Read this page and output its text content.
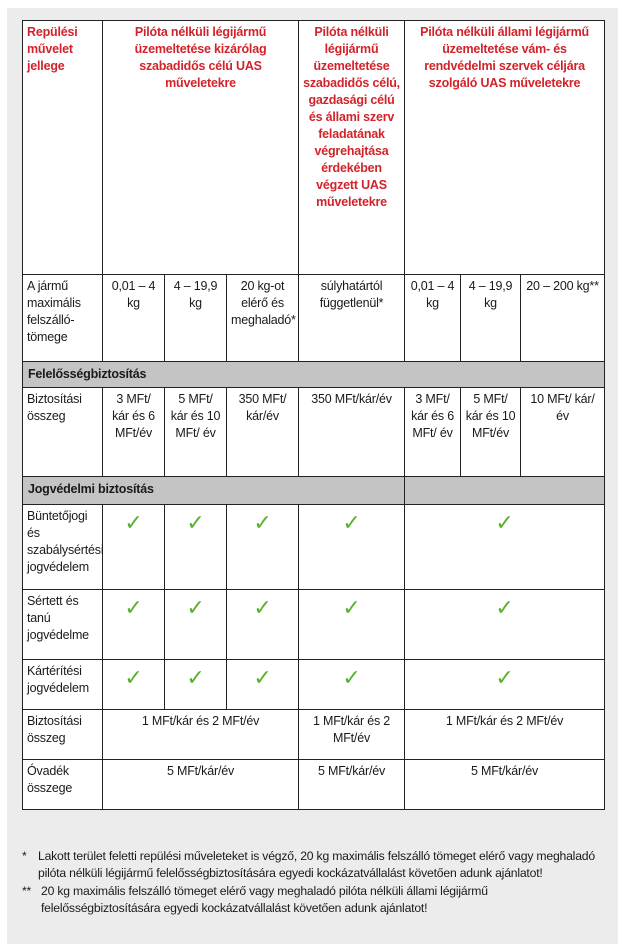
Repülési művelet jellege	Pilóta nélküli légijármű üzemeltetése kizárólag szabadidős célú UAS műveletekre			Pilóta nélküli légijármű üzemeltetése szabadidős célú, gazdasági célú és állami szerv feladatának végrehajtása érdekében végzett UAS műveletekre	Pilóta nélküli állami légijármű üzemeltetése vám- és rendvédelmi szervek céljára szolgáló UAS műveletekre		
A jármű maximális felszálló-tömege	0,01 – 4 kg	4 – 19,9 kg	20 kg-ot elérő és meghaladó*	súlyhatártól függetlenül*	0,01 – 4 kg	4 – 19,9 kg	20 – 200 kg**
Felelősségbiztosítás							
Biztosítási összeg	3 MFt/ kár és 6 MFt/év	5 MFt/ kár és 10 MFt/ év	350 MFt/ kár/év	350 MFt/kár/év	3 MFt/ kár és 6 MFt/ év	5 MFt/ kár és 10 MFt/év	10 MFt/ kár/év
Jogvédelmi biztosítás							
Büntetőjogi és szabálysértési jogvédelem	✓	✓	✓	✓	✓		

Sértett és tanú jogvédelme	✓	✓	✓	✓	✓		

Kártérítési jogvédelem	✓	✓	✓	✓	✓		

Biztosítási összeg	1 MFt/kár és 2 MFt/év			1 MFt/kár és 2 MFt/év	1 MFt/kár és 2 MFt/év		
Óvadék összege	5 MFt/kár/év			5 MFt/kár/év	5 MFt/kár/év		
* Lakott terület feletti repülési műveleteket is végző, 20 kg maximális felszálló tömeget elérő vagy meghaladó pilóta nélküli légijármű felelősségbiztosítására egyedi kockázatvállalást követően adunk ajánlatot!
** 20 kg maximális felszálló tömeget elérő vagy meghaladó pilóta nélküli állami légijármű felelősségbiztosítására egyedi kockázatvállalást követően adunk ajánlatot!
